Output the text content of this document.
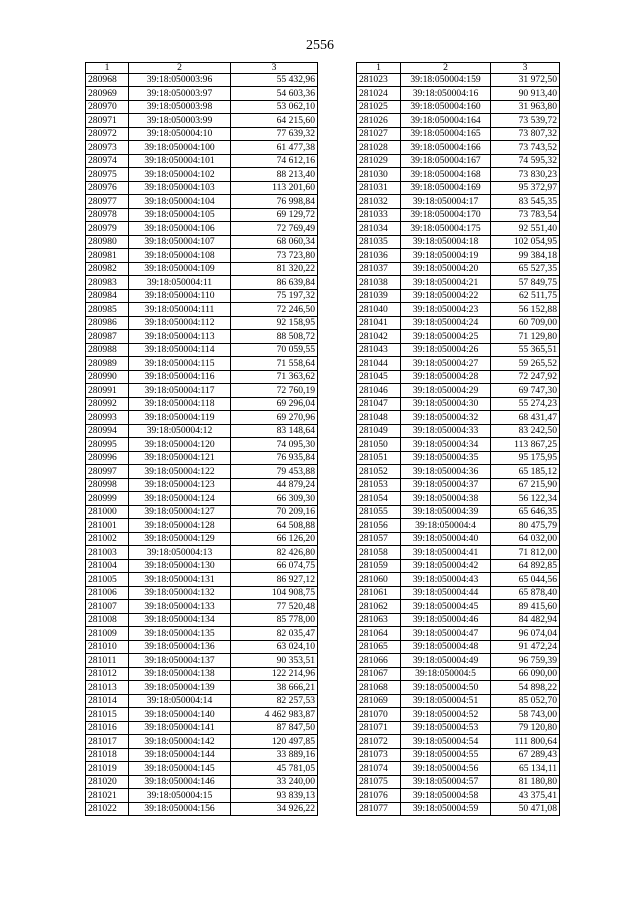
2556
1	2	3
280968	39:18:050003:96	55 432,96
280969	39:18:050003:97	54 603,36
280970	39:18:050003:98	53 062,10
280971	39:18:050003:99	64 215,60
280972	39:18:050004:10	77 639,32
280973	39:18:050004:100	61 477,38
280974	39:18:050004:101	74 612,16
280975	39:18:050004:102	88 213,40
280976	39:18:050004:103	113 201,60
280977	39:18:050004:104	76 998,84
280978	39:18:050004:105	69 129,72
280979	39:18:050004:106	72 769,49
280980	39:18:050004:107	68 060,34
280981	39:18:050004:108	73 723,80
280982	39:18:050004:109	81 320,22
280983	39:18:050004:11	86 639,84
280984	39:18:050004:110	75 197,32
280985	39:18:050004:111	72 246,50
280986	39:18:050004:112	92 158,95
280987	39:18:050004:113	88 508,72
280988	39:18:050004:114	70 059,55
280989	39:18:050004:115	71 558,64
280990	39:18:050004:116	71 363,62
280991	39:18:050004:117	72 760,19
280992	39:18:050004:118	69 296,04
280993	39:18:050004:119	69 270,96
280994	39:18:050004:12	83 148,64
280995	39:18:050004:120	74 095,30
280996	39:18:050004:121	76 935,84
280997	39:18:050004:122	79 453,88
280998	39:18:050004:123	44 879,24
280999	39:18:050004:124	66 309,30
281000	39:18:050004:127	70 209,16
281001	39:18:050004:128	64 508,88
281002	39:18:050004:129	66 126,20
281003	39:18:050004:13	82 426,80
281004	39:18:050004:130	66 074,75
281005	39:18:050004:131	86 927,12
281006	39:18:050004:132	104 908,75
281007	39:18:050004:133	77 520,48
281008	39:18:050004:134	85 778,00
281009	39:18:050004:135	82 035,47
281010	39:18:050004:136	63 024,10
281011	39:18:050004:137	90 353,51
281012	39:18:050004:138	122 214,96
281013	39:18:050004:139	38 666,21
281014	39:18:050004:14	82 257,53
281015	39:18:050004:140	4 462 983,87
281016	39:18:050004:141	87 847,50
281017	39:18:050004:142	120 497,85
281018	39:18:050004:144	33 889,16
281019	39:18:050004:145	45 781,05
281020	39:18:050004:146	33 240,00
281021	39:18:050004:15	93 839,13
281022	39:18:050004:156	34 926,22
1	2	3
281023	39:18:050004:159	31 972,50
281024	39:18:050004:16	90 913,40
281025	39:18:050004:160	31 963,80
281026	39:18:050004:164	73 539,72
281027	39:18:050004:165	73 807,32
281028	39:18:050004:166	73 743,52
281029	39:18:050004:167	74 595,32
281030	39:18:050004:168	73 830,23
281031	39:18:050004:169	95 372,97
281032	39:18:050004:17	83 545,35
281033	39:18:050004:170	73 783,54
281034	39:18:050004:175	92 551,40
281035	39:18:050004:18	102 054,95
281036	39:18:050004:19	99 384,18
281037	39:18:050004:20	65 527,35
281038	39:18:050004:21	57 849,75
281039	39:18:050004:22	62 511,75
281040	39:18:050004:23	56 152,88
281041	39:18:050004:24	60 709,00
281042	39:18:050004:25	71 129,80
281043	39:18:050004:26	55 365,51
281044	39:18:050004:27	59 265,52
281045	39:18:050004:28	72 247,92
281046	39:18:050004:29	69 747,30
281047	39:18:050004:30	55 274,23
281048	39:18:050004:32	68 431,47
281049	39:18:050004:33	83 242,50
281050	39:18:050004:34	113 867,25
281051	39:18:050004:35	95 175,95
281052	39:18:050004:36	65 185,12
281053	39:18:050004:37	67 215,90
281054	39:18:050004:38	56 122,34
281055	39:18:050004:39	65 646,35
281056	39:18:050004:4	80 475,79
281057	39:18:050004:40	64 032,00
281058	39:18:050004:41	71 812,00
281059	39:18:050004:42	64 892,85
281060	39:18:050004:43	65 044,56
281061	39:18:050004:44	65 878,40
281062	39:18:050004:45	89 415,60
281063	39:18:050004:46	84 482,94
281064	39:18:050004:47	96 074,04
281065	39:18:050004:48	91 472,24
281066	39:18:050004:49	96 759,39
281067	39:18:050004:5	66 090,00
281068	39:18:050004:50	54 898,22
281069	39:18:050004:51	85 052,70
281070	39:18:050004:52	58 743,00
281071	39:18:050004:53	79 120,80
281072	39:18:050004:54	111 800,64
281073	39:18:050004:55	67 289,43
281074	39:18:050004:56	65 134,11
281075	39:18:050004:57	81 180,80
281076	39:18:050004:58	43 375,41
281077	39:18:050004:59	50 471,08
